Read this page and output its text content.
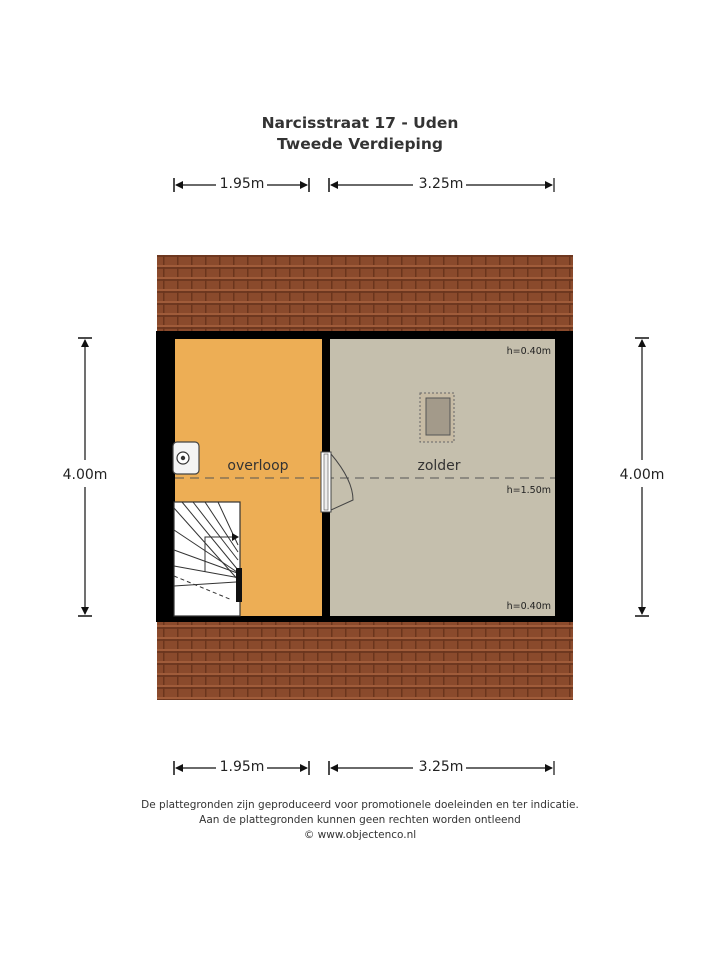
Narcisstraat 17 - Uden
Tweede Verdieping
overloop	zolder
h=0.40m
h=1.50m
h=0.40m
1.95m	3.25m
1.95m	3.25m
4.00m	4.00m
De plattegronden zijn geproduceerd voor promotionele doeleinden en ter indicatie.
Aan de plattegronden kunnen geen rechten worden ontleend
© www.objectenco.nl
